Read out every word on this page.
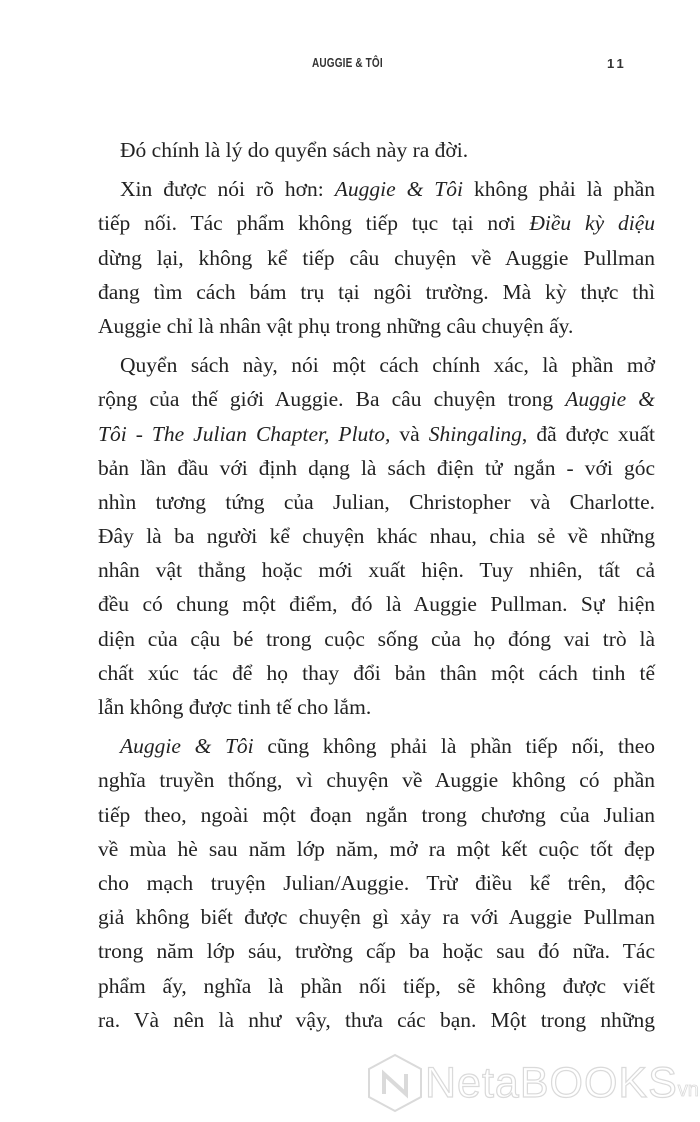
AUGGIE & TÔI	11
Đó chính là lý do quyển sách này ra đời.
Xin được nói rõ hơn: Auggie & Tôi không phải là phần
tiếp nối. Tác phẩm không tiếp tục tại nơi Điều kỳ diệu
dừng lại, không kể tiếp câu chuyện về Auggie Pullman
đang tìm cách bám trụ tại ngôi trường. Mà kỳ thực thì
Auggie chỉ là nhân vật phụ trong những câu chuyện ấy.
Quyển sách này, nói một cách chính xác, là phần mở
rộng của thế giới Auggie. Ba câu chuyện trong Auggie &
Tôi - The Julian Chapter, Pluto, và Shingaling, đã được xuất
bản lần đầu với định dạng là sách điện tử ngắn - với góc
nhìn tương tứng của Julian, Christopher và Charlotte.
Đây là ba người kể chuyện khác nhau, chia sẻ về những
nhân vật thẳng hoặc mới xuất hiện. Tuy nhiên, tất cả
đều có chung một điểm, đó là Auggie Pullman. Sự hiện
diện của cậu bé trong cuộc sống của họ đóng vai trò là
chất xúc tác để họ thay đổi bản thân một cách tinh tế
lẫn không được tinh tế cho lắm.
Auggie & Tôi cũng không phải là phần tiếp nối, theo
nghĩa truyền thống, vì chuyện về Auggie không có phần
tiếp theo, ngoài một đoạn ngắn trong chương của Julian
về mùa hè sau năm lớp năm, mở ra một kết cuộc tốt đẹp
cho mạch truyện Julian/Auggie. Trừ điều kể trên, độc
giả không biết được chuyện gì xảy ra với Auggie Pullman
trong năm lớp sáu, trường cấp ba hoặc sau đó nữa. Tác
phẩm ấy, nghĩa là phần nối tiếp, sẽ không được viết
ra. Và nên là như vậy, thưa các bạn. Một trong những
NetaBOOKS vn
